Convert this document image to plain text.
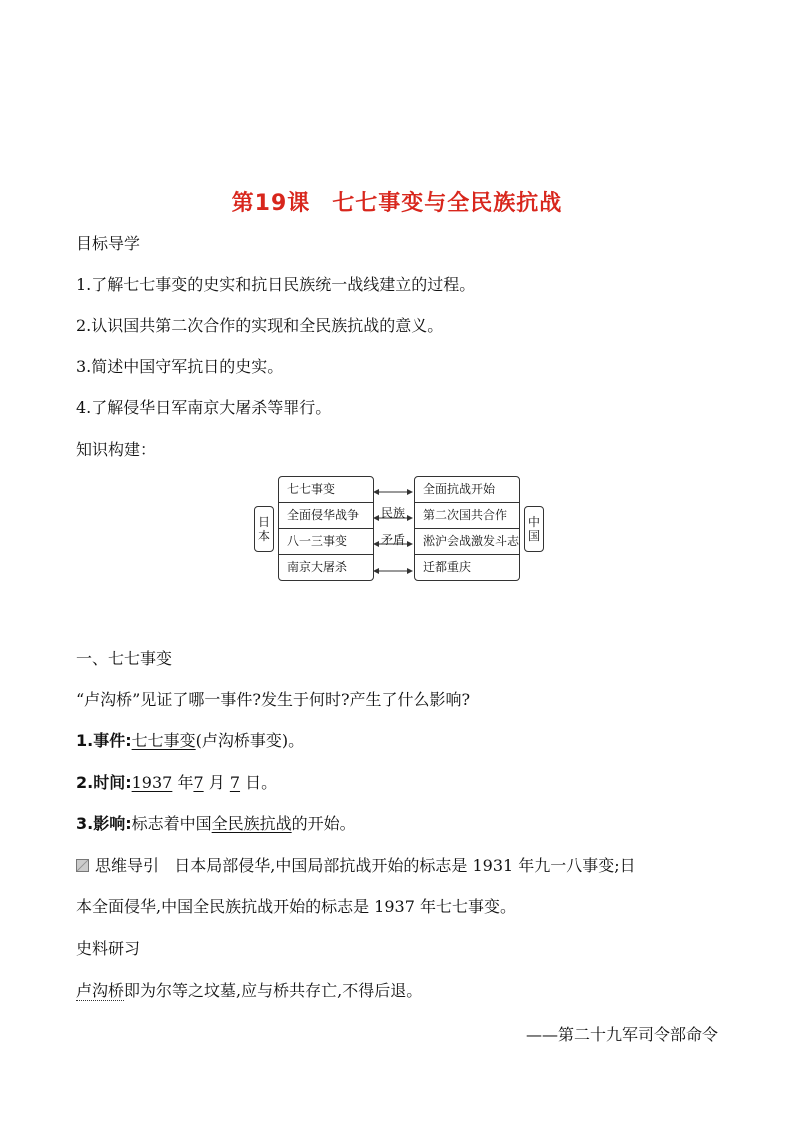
第19课 七七事变与全民族抗战
目标导学
1.了解七七事变的史实和抗日民族统一战线建立的过程。
2.认识国共第二次合作的实现和全民族抗战的意义。
3.简述中国守军抗日的史实。
4.了解侵华日军南京大屠杀等罪行。
知识构建：
日本
七七事变
全面侵华战争
八一三事变
南京大屠杀
民族
矛盾
全面抗战开始
第二次国共合作
淞沪会战激发斗志
迁都重庆
中国
一、七七事变
“卢沟桥”见证了哪一事件?发生于何时?产生了什么影响?
1.事件:七七事变(卢沟桥事变)。
2.时间:1937 年7 月 7 日。
3.影响:标志着中国全民族抗战的开始。
思维导引 日本局部侵华,中国局部抗战开始的标志是 1931 年九一八事变;日
本全面侵华,中国全民族抗战开始的标志是 1937 年七七事变。
史料研习
卢沟桥即为尔等之坟墓,应与桥共存亡,不得后退。
——第二十九军司令部命令
